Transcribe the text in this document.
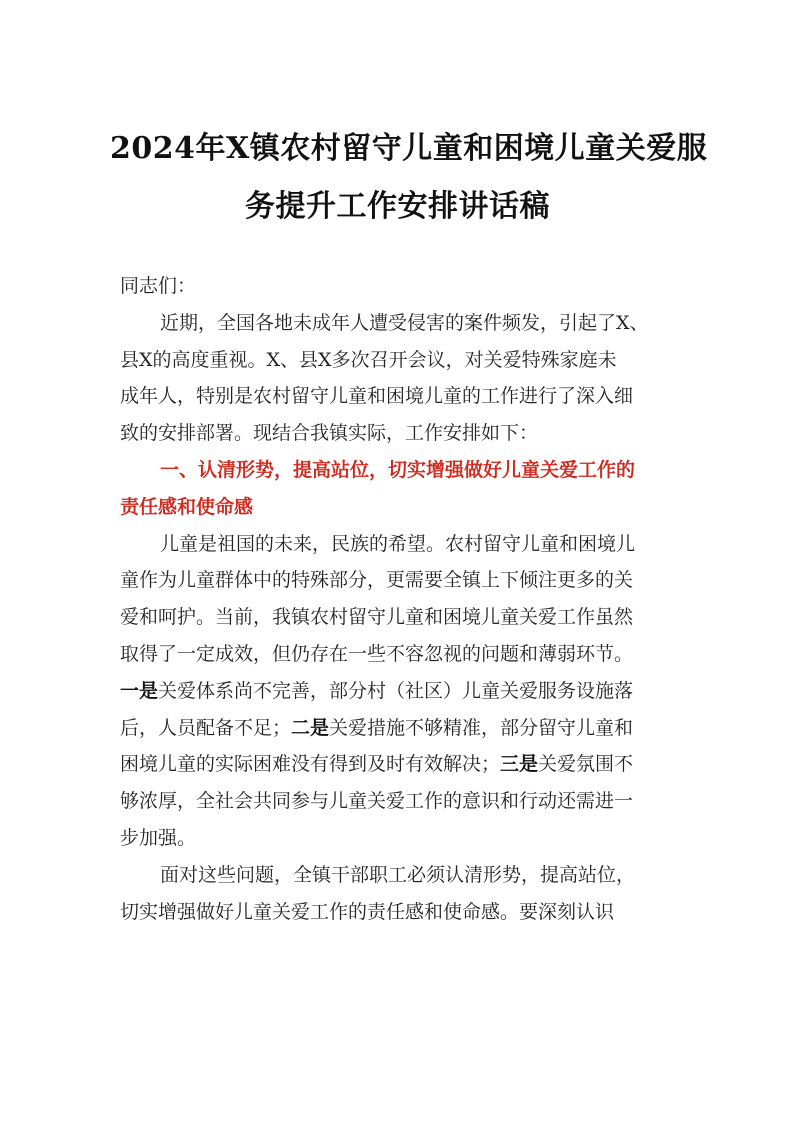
2024年X镇农村留守儿童和困境儿童关爱服
务提升工作安排讲话稿
同志们：
近期，全国各地未成年人遭受侵害的案件频发，引起了X、
县X的高度重视。X、县X多次召开会议，对关爱特殊家庭未
成年人，特别是农村留守儿童和困境儿童的工作进行了深入细
致的安排部署。现结合我镇实际，工作安排如下：
一、认清形势，提高站位，切实增强做好儿童关爱工作的
责任感和使命感
儿童是祖国的未来，民族的希望。农村留守儿童和困境儿
童作为儿童群体中的特殊部分，更需要全镇上下倾注更多的关
爱和呵护。当前，我镇农村留守儿童和困境儿童关爱工作虽然
取得了一定成效，但仍存在一些不容忽视的问题和薄弱环节。
一是关爱体系尚不完善，部分村（社区）儿童关爱服务设施落
后，人员配备不足；二是关爱措施不够精准，部分留守儿童和
困境儿童的实际困难没有得到及时有效解决；三是关爱氛围不
够浓厚，全社会共同参与儿童关爱工作的意识和行动还需进一
步加强。
面对这些问题，全镇干部职工必须认清形势，提高站位，
切实增强做好儿童关爱工作的责任感和使命感。要深刻认识
